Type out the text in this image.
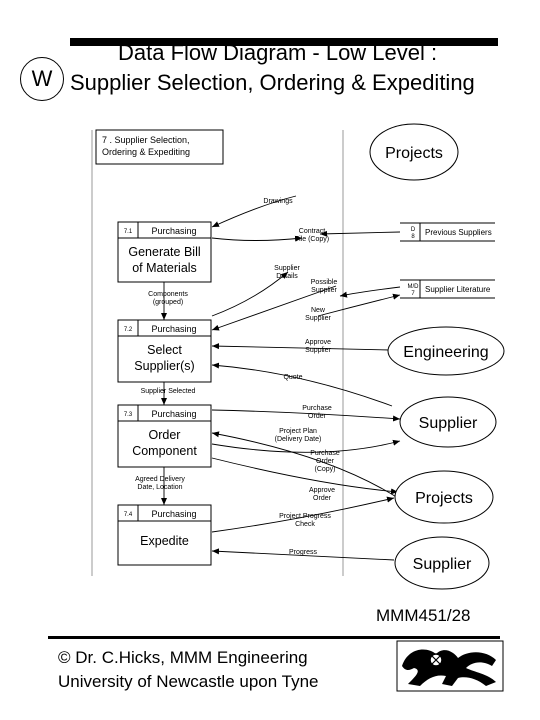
W
Data Flow Diagram - Low Level :
Supplier Selection, Ordering & Expediting
7 . Supplier Selection, Ordering & Expediting
7.1 Purchasing
Generate Bill of Materials
7.2 Purchasing
Select Supplier(s)
7.3 Purchasing
Order Component
7.4 Purchasing
Expedite
Projects
Engineering
Supplier
Projects
Supplier
D 8 Previous Suppliers
M/D 7	Supplier Literature
Drawings
Contract File (Copy)
Supplier Details
Possible Supplier
New Supplier
Approve Supplier
Quote
Purchase Order
Project Plan (Delivery Date)
Purchase Order (Copy)
Approve Order
Project Progress Check
Progress
Components (grouped)
Supplier Selected
Agreed Delivery Date, Location
MMM451/28
© Dr. C.Hicks, MMM Engineering
University of Newcastle upon Tyne
